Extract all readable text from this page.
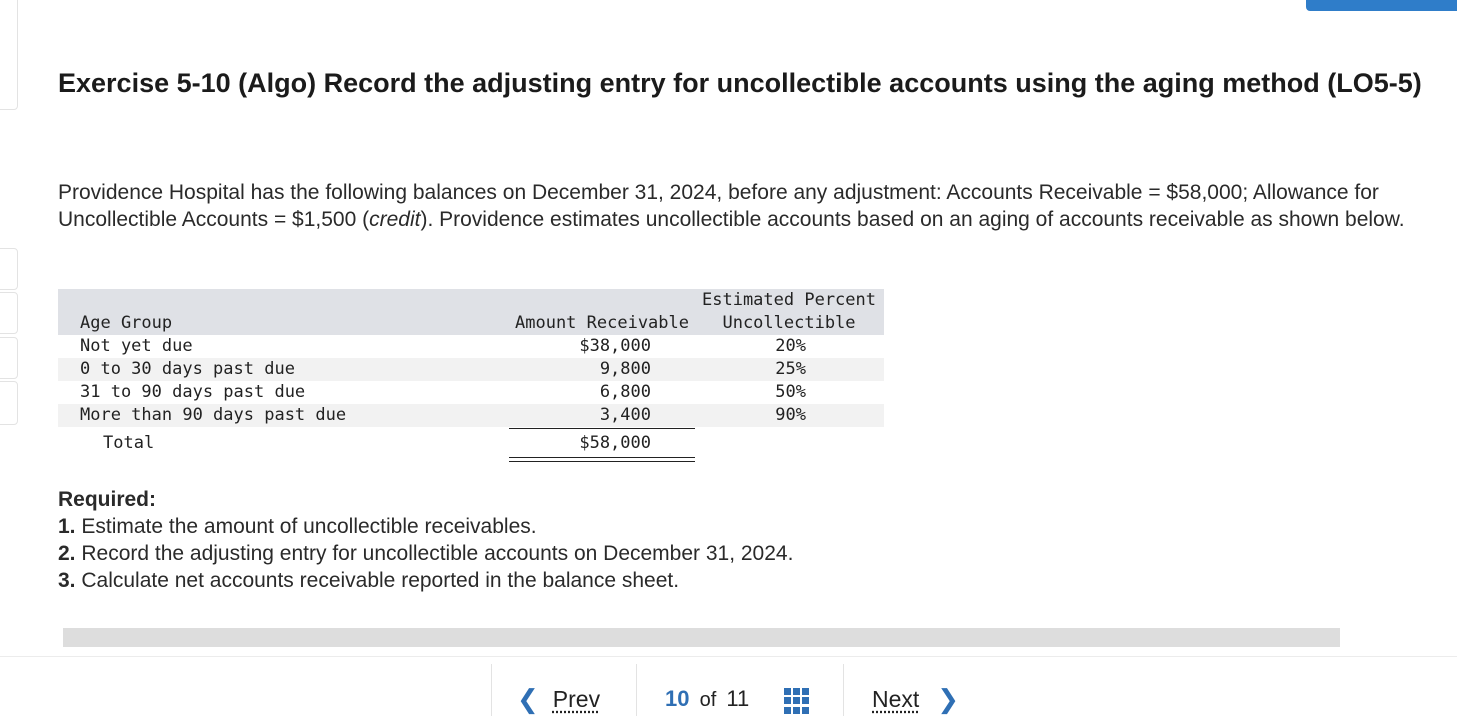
Exercise 5-10 (Algo) Record the adjusting entry for uncollectible accounts using the aging method (LO5-5)
Providence Hospital has the following balances on December 31, 2024, before any adjustment: Accounts Receivable = $58,000; Allowance for Uncollectible Accounts = $1,500 (credit). Providence estimates uncollectible accounts based on an aging of accounts receivable as shown below.
Estimated Percent
Age Group	Amount Receivable	Uncollectible
Not yet due	$38,000	20%
0 to 30 days past due	9,800	25%
31 to 90 days past due	6,800	50%
More than 90 days past due	3,400	90%
Total	$58,000
Required:
1. Estimate the amount of uncollectible receivables.
2. Record the adjusting entry for uncollectible accounts on December 31, 2024.
3. Calculate net accounts receivable reported in the balance sheet.
❮ Prev	10 of 11	Next ❯
